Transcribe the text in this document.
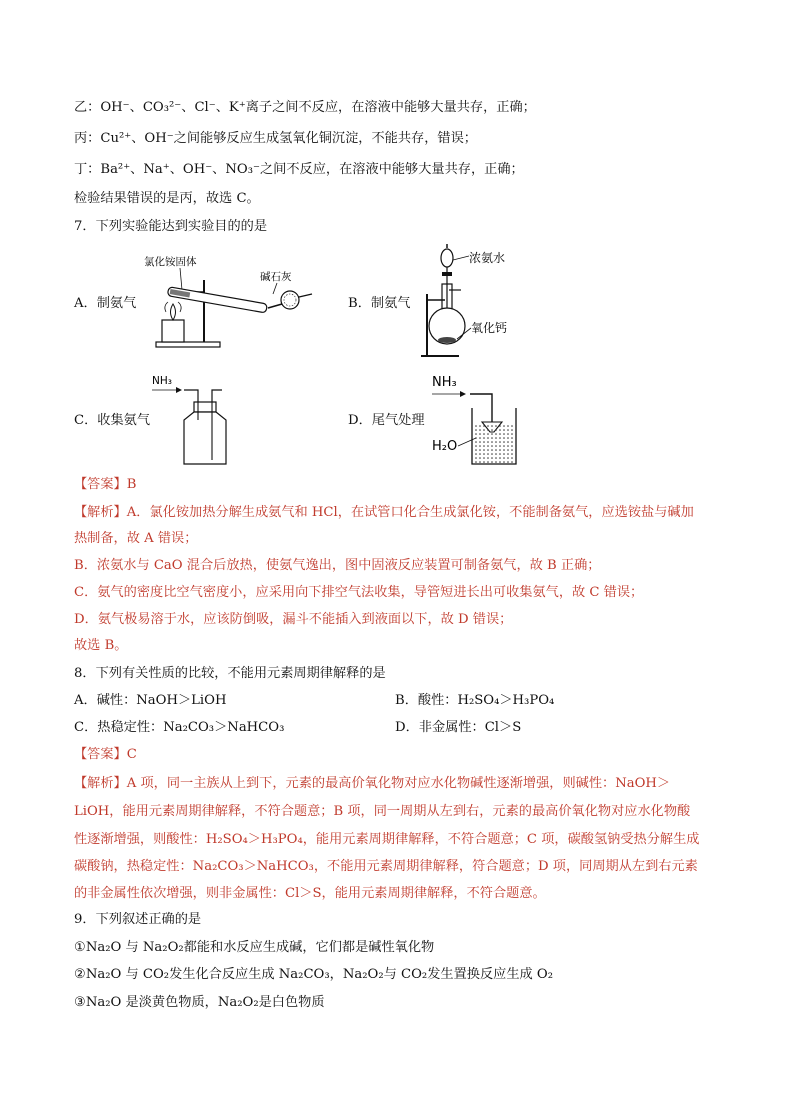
乙：OH⁻、CO₃²⁻、Cl⁻、K⁺离子之间不反应，在溶液中能够大量共存，正确；
丙：Cu²⁺、OH⁻之间能够反应生成氢氧化铜沉淀，不能共存，错误；
丁：Ba²⁺、Na⁺、OH⁻、NO₃⁻之间不反应，在溶液中能够大量共存，正确；
检验结果错误的是丙，故选 C。
7．下列实验能达到实验目的的是
A．制氨气	B．制氨气
C．收集氨气	D．尾气处理
氯化铵固体
碱石灰
浓氨水
氧化钙
NH₃	NH₃
H₂O
【答案】B
【解析】A．氯化铵加热分解生成氨气和 HCl，在试管口化合生成氯化铵，不能制备氨气，应选铵盐与碱加
热制备，故 A 错误；
B．浓氨水与 CaO 混合后放热，使氨气逸出，图中固液反应装置可制备氨气，故 B 正确；
C．氨气的密度比空气密度小，应采用向下排空气法收集，导管短进长出可收集氨气，故 C 错误；
D．氨气极易溶于水，应该防倒吸，漏斗不能插入到液面以下，故 D 错误；
故选 B。
8．下列有关性质的比较，不能用元素周期律解释的是
A．碱性：NaOH＞LiOH	B．酸性：H₂SO₄＞H₃PO₄
C．热稳定性：Na₂CO₃＞NaHCO₃	D．非金属性：Cl＞S
【答案】C
【解析】A 项，同一主族从上到下，元素的最高价氧化物对应水化物碱性逐渐增强，则碱性：NaOH＞
LiOH，能用元素周期律解释，不符合题意；B 项，同一周期从左到右，元素的最高价氧化物对应水化物酸
性逐渐增强，则酸性：H₂SO₄＞H₃PO₄，能用元素周期律解释，不符合题意；C 项，碳酸氢钠受热分解生成
碳酸钠，热稳定性：Na₂CO₃＞NaHCO₃，不能用元素周期律解释，符合题意；D 项，同周期从左到右元素
的非金属性依次增强，则非金属性：Cl＞S，能用元素周期律解释，不符合题意。
9．下列叙述正确的是
①Na₂O 与 Na₂O₂都能和水反应生成碱，它们都是碱性氧化物
②Na₂O 与 CO₂发生化合反应生成 Na₂CO₃，Na₂O₂与 CO₂发生置换反应生成 O₂
③Na₂O 是淡黄色物质，Na₂O₂是白色物质
